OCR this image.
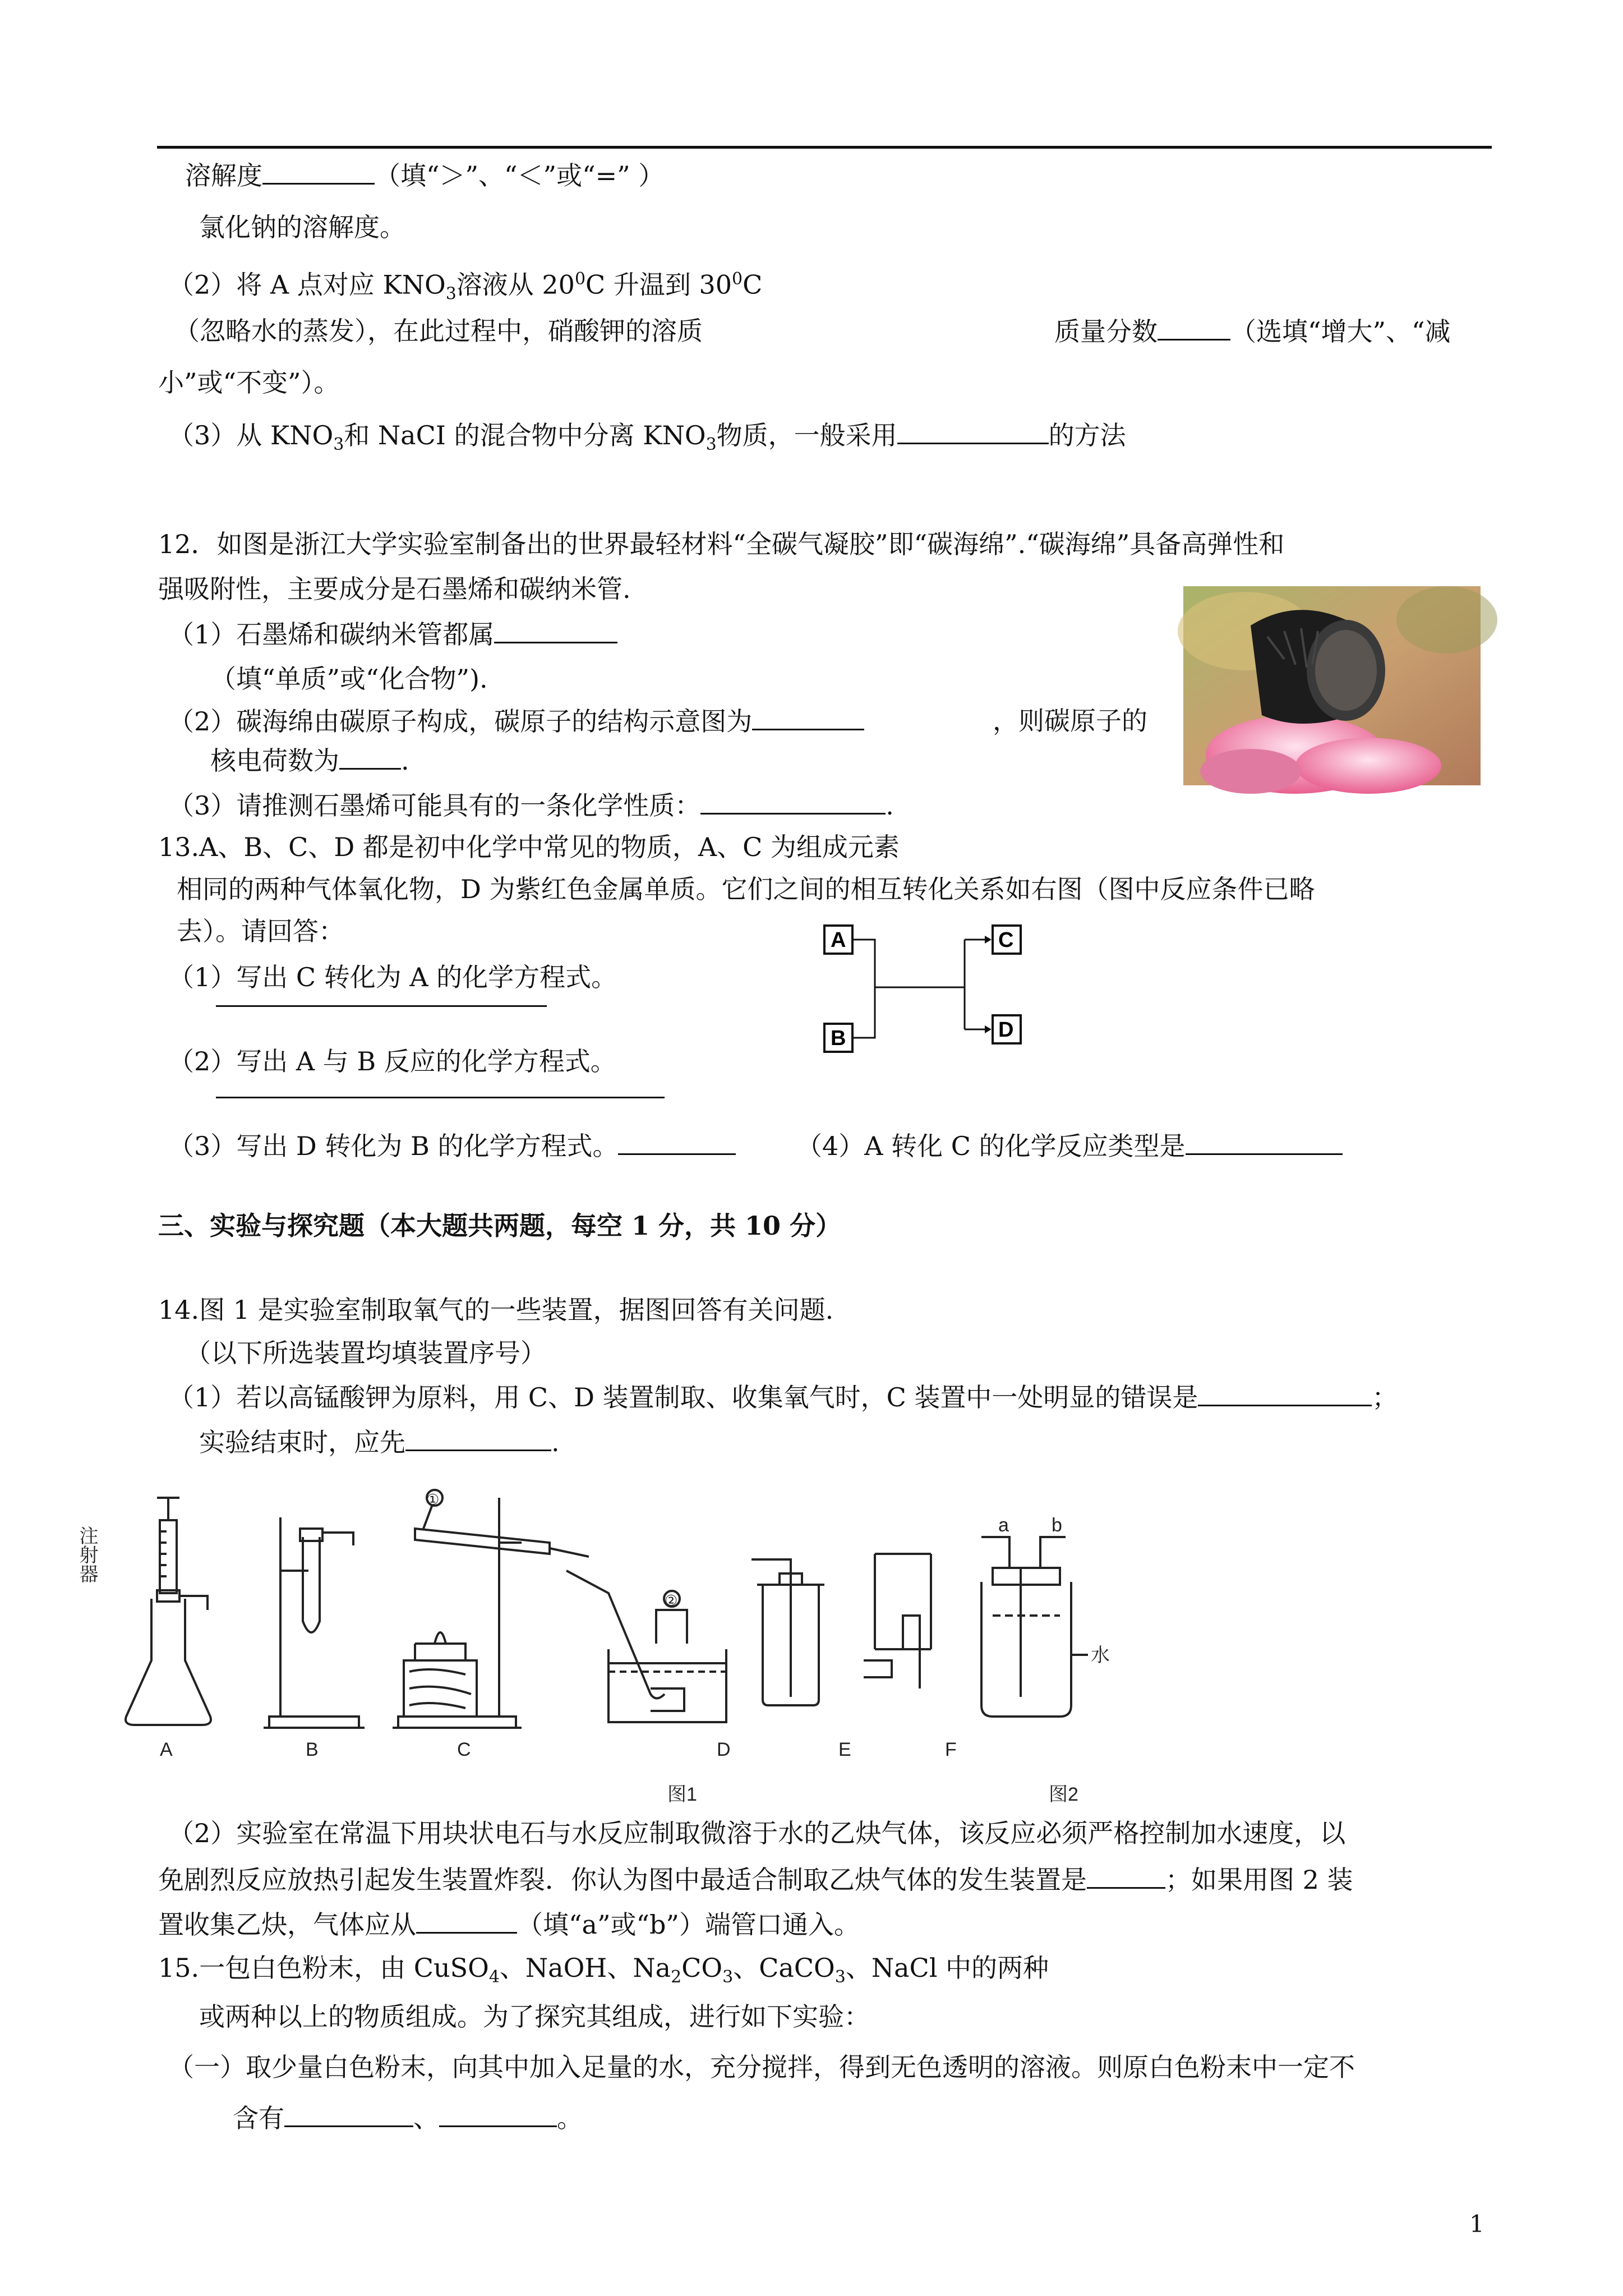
溶解度	（填“＞”、“＜”或“=” ）
氯化钠的溶解度。
（2）将 A 点对应 $KNO_3$溶液从 $20^0C$ 升温到 $30^0C$
（忽略水的蒸发），在此过程中，硝酸钾的溶质	质量分数	（选填“增大”、“减
小”或“不变”）。
（3）从 $KNO_3$和 NaCI 的混合物中分离 $KNO_3$物质，一般采用	的方法
12．如图是浙江大学实验室制备出的世界最轻材料“全碳气凝胶”即“碳海绵”.“碳海绵”具备高弹性和
强吸附性，主要成分是石墨烯和碳纳米管.
（1）石墨烯和碳纳米管都属
（填“单质”或“化合物”).
（2）碳海绵由碳原子构成，碳原子的结构示意图为	，则碳原子的
核电荷数为 .
（3）请推测石墨烯可能具有的一条化学性质：	.
13.A、B、C、D 都是初中化学中常见的物质，A、C 为组成元素
相同的两种气体氧化物，D 为紫红色金属单质。它们之间的相互转化关系如右图（图中反应条件已略
去）。请回答：
（1）写出 C 转化为 A 的化学方程式。
（2）写出 A 与 B 反应的化学方程式。
（3）写出 D 转化为 B 的化学方程式。	（4）A 转化 C 的化学反应类型是
A
B
C
D
三、实验与探究题（本大题共两题，每空 1 分，共 10 分）
14.图 1 是实验室制取氧气的一些装置，据图回答有关问题.
（以下所选装置均填装置序号）
（1）若以高锰酸钾为原料，用 C、D 装置制取、收集氧气时，C 装置中一处明显的错误是	；
实验结束时，应先	.
注射器
A	B	C	D	E	F
图1	图2
①
②
a b
水
（2）实验室在常温下用块状电石与水反应制取微溶于水的乙炔气体，该反应必须严格控制加水速度，以
免剧烈反应放热引起发生装置炸裂．你认为图中最适合制取乙炔气体的发生装置是	；如果用图 2 装
置收集乙炔，气体应从	（填“a”或“b”）端管口通入。
15.一包白色粉末，由 CuSO$_4$、NaOH、$Na_2CO_3$、CaCO$_3$、NaCl 中的两种
或两种以上的物质组成。为了探究其组成，进行如下实验：
（一）取少量白色粉末，向其中加入足量的水，充分搅拌，得到无色透明的溶液。则原白色粉末中一定不
含有	、	。
1
